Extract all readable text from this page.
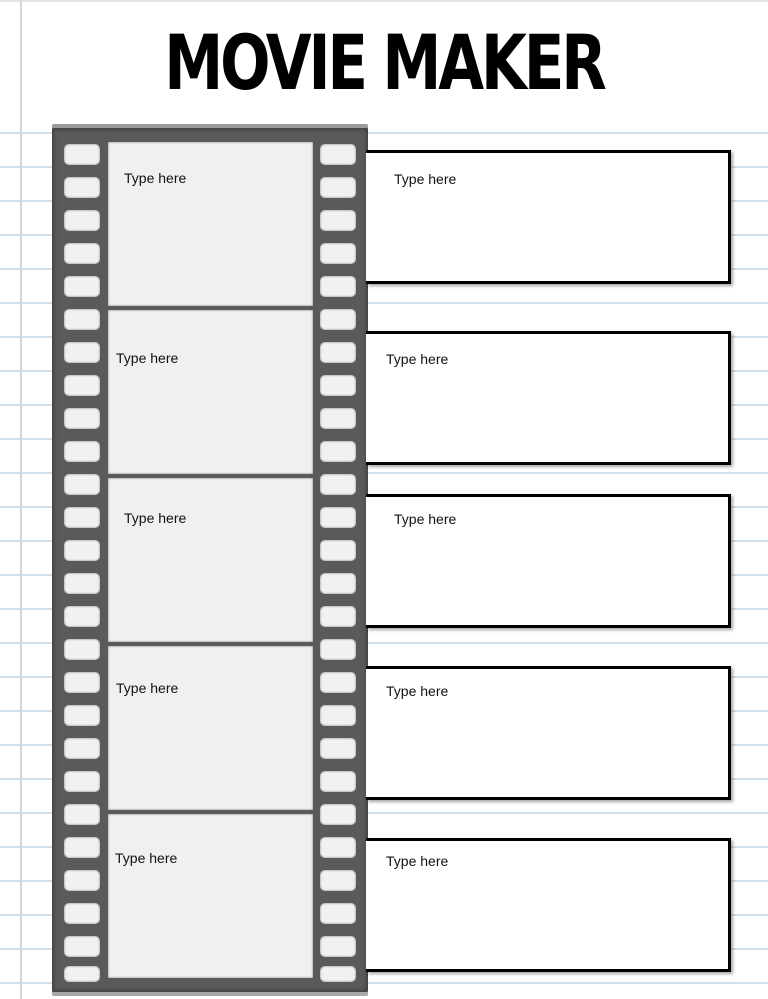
MOVIE MAKER
Type here
Type here
Type here
Type here
Type here
Type here
Type here
Type here
Type here
Type here
